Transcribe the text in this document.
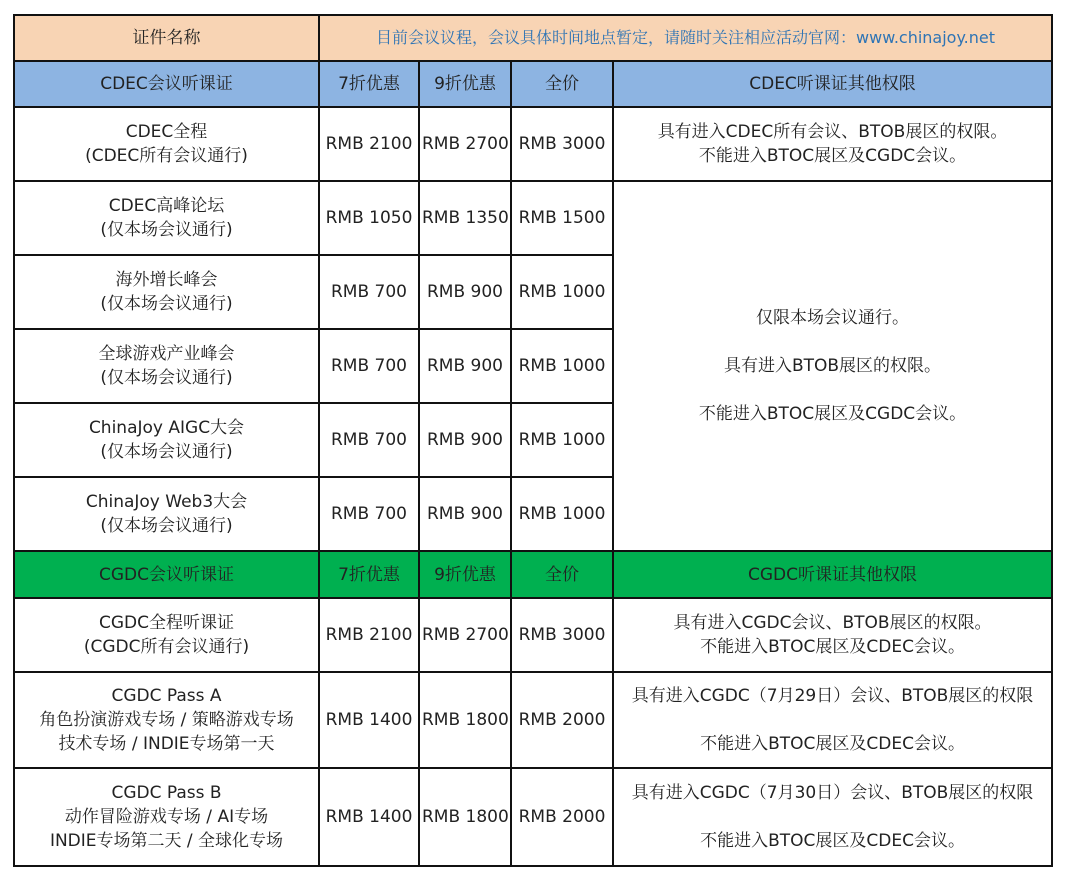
证件名称	目前会议议程，会议具体时间地点暂定，请随时关注相应活动官网：www.chinajoy.net			
CDEC会议听课证	7折优惠	9折优惠	全价	CDEC听课证其他权限

CDEC全程
(CDEC所有会议通行)	RMB 2100	RMB 2700	RMB 3000	具有进入CDEC所有会议、BTOB展区的权限。
不能进入BTOC展区及CGDC会议。

CDEC高峰论坛
(仅本场会议通行)	RMB 1050	RMB 1350	RMB 1500	仅限本场会议通行。
具有进入BTOB展区的权限。
不能进入BTOC展区及CGDC会议。

海外增长峰会
(仅本场会议通行)	RMB 700	RMB 900	RMB 1000	

全球游戏产业峰会
(仅本场会议通行)	RMB 700	RMB 900	RMB 1000	

ChinaJoy AIGC大会
(仅本场会议通行)	RMB 700	RMB 900	RMB 1000	

ChinaJoy Web3大会
(仅本场会议通行)	RMB 700	RMB 900	RMB 1000	
CGDC会议听课证	7折优惠	9折优惠	全价	CGDC听课证其他权限

CGDC全程听课证
(CGDC所有会议通行)	RMB 2100	RMB 2700	RMB 3000	具有进入CGDC会议、BTOB展区的权限。
不能进入BTOC展区及CDEC会议。

CGDC Pass A
角色扮演游戏专场 / 策略游戏专场
技术专场 / INDIE专场第一天	RMB 1400	RMB 1800	RMB 2000	具有进入CGDC（7月29日）会议、BTOB展区的权限
不能进入BTOC展区及CDEC会议。

CGDC Pass B
动作冒险游戏专场 / AI专场
INDIE专场第二天 / 全球化专场	RMB 1400	RMB 1800	RMB 2000	具有进入CGDC（7月30日）会议、BTOB展区的权限
不能进入BTOC展区及CDEC会议。
